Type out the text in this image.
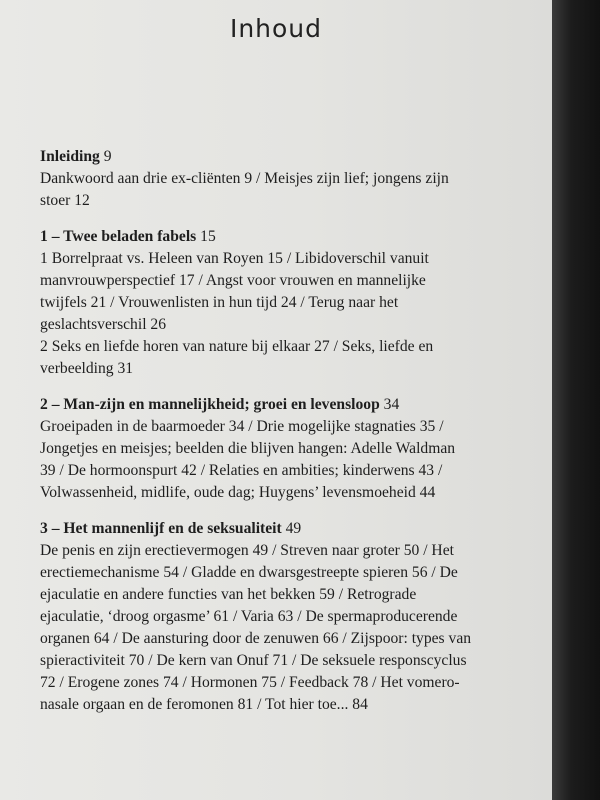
Inhoud
Inleiding 9

Dankwoord aan drie ex-cliënten 9 / Meisjes zijn lief; jongens zijn stoer 12

1 – Twee beladen fabels 15

1 Borrelpraat vs. Heleen van Royen 15 / Libidoverschil vanuit manvrouwperspectief 17 / Angst voor vrouwen en mannelijke twijfels 21 / Vrouwenlisten in hun tijd 24 / Terug naar het geslachtsverschil 26

2 Seks en liefde horen van nature bij elkaar 27 / Seks, liefde en verbeelding 31

2 – Man-zijn en mannelijkheid; groei en levensloop 34

Groeipaden in de baarmoeder 34 / Drie mogelijke stagnaties 35 / Jongetjes en meisjes; beelden die blijven hangen: Adelle Waldman 39 / De hormoonspurt 42 / Relaties en ambities; kinderwens 43 / Volwassenheid, midlife, oude dag; Huygens’ levensmoeheid 44

3 – Het mannenlijf en de seksualiteit 49

De penis en zijn erectievermogen 49 / Streven naar groter 50 / Het erectiemechanisme 54 / Gladde en dwarsgestreepte spieren 56 / De ejaculatie en andere functies van het bekken 59 / Retrograde ejaculatie, ‘droog orgasme’ 61 / Varia 63 / De spermaproducerende organen 64 / De aansturing door de zenuwen 66 / Zijspoor: types van spieractiviteit 70 / De kern van Onuf 71 / De seksuele responscyclus 72 / Erogene zones 74 / Hormonen 75 / Feedback 78 / Het vomero-nasale orgaan en de feromonen 81 / Tot hier toe... 84
